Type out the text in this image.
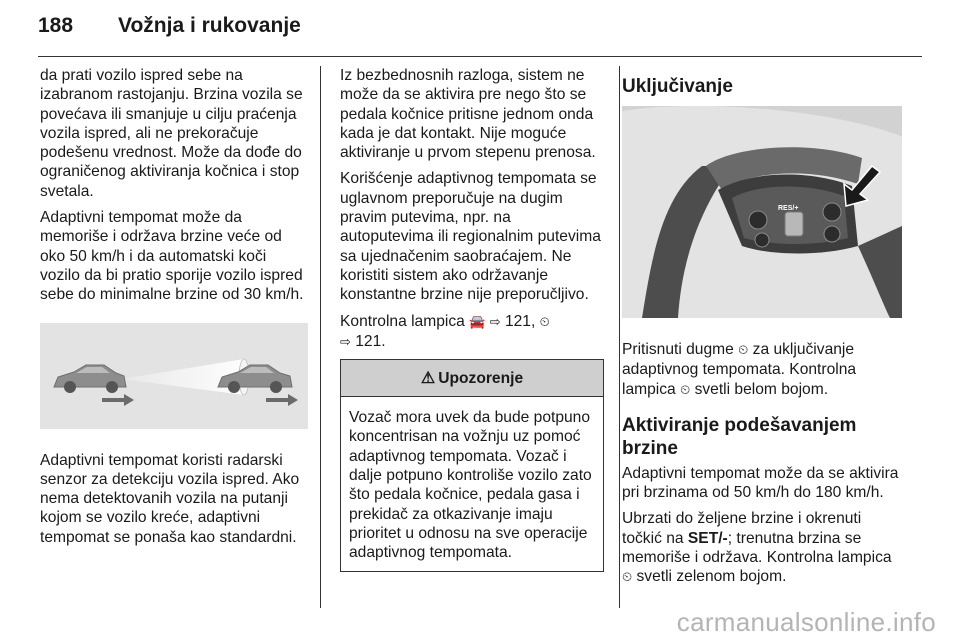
188	Vožnja i rukovanje

da prati vozilo ispred sebe na izabranom rastojanju. Brzina vozila se povećava ili smanjuje u cilju praćenja vozila ispred, ali ne prekoračuje podešenu vrednost. Može da dođe do ograničenog aktiviranja kočnica i stop svetala.

Adaptivni tempomat može da memoriše i održava brzine veće od oko 50 km/h i da automatski koči vozilo da bi pratio sporije vozilo ispred sebe do minimalne brzine od 30 km/h.

Adaptivni tempomat koristi radarski senzor za detekciju vozila ispred. Ako nema detektovanih vozila na putanji kojom se vozilo kreće, adaptivni tempomat se ponaša kao standardni.

Iz bezbednosnih razloga, sistem ne može da se aktivira pre nego što se pedala kočnice pritisne jednom onda kada je dat kontakt. Nije moguće aktiviranje u prvom stepenu prenosa.

Korišćenje adaptivnog tempomata se uglavnom preporučuje na dugim pravim putevima, npr. na autoputevima ili regionalnim putevima sa ujednačenim saobraćajem. Ne koristiti sistem ako održavanje konstantne brzine nije preporučljivo.

Kontrolna lampica 🚘 ⇨ 121, ⏲
⇨ 121.

⚠ Upozorenje

Vozač mora uvek da bude potpuno koncentrisan na vožnju uz pomoć adaptivnog tempomata. Vozač i dalje potpuno kontroliše vozilo zato što pedala kočnice, pedala gasa i prekidač za otkazivanje imaju prioritet u odnosu na sve operacije adaptivnog tempomata.

Uključivanje
RES/+

Pritisnuti dugme ⏲ za uključivanje adaptivnog tempomata. Kontrolna lampica ⏲ svetli belom bojom.

Aktiviranje podešavanjem brzine

Adaptivni tempomat može da se aktivira pri brzinama od 50 km/h do 180 km/h.

Ubrzati do željene brzine i okrenuti točkić na SET/-; trenutna brzina se memoriše i održava. Kontrolna lampica ⏲ svetli zelenom bojom.

carmanualsonline.info
